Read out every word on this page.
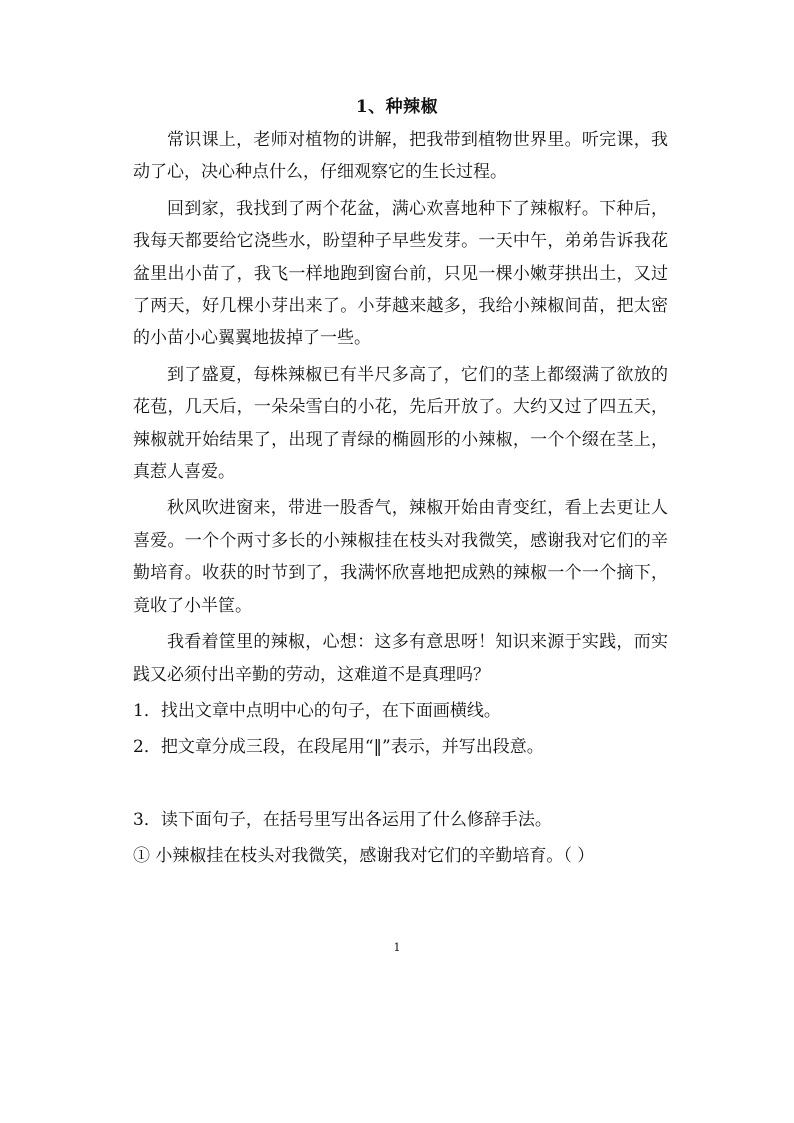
1、种辣椒

常识课上，老师对植物的讲解，把我带到植物世界里。听完课，我动了心，决心种点什么，仔细观察它的生长过程。

回到家，我找到了两个花盆，满心欢喜地种下了辣椒籽。下种后，我每天都要给它浇些水，盼望种子早些发芽。一天中午，弟弟告诉我花盆里出小苗了，我飞一样地跑到窗台前，只见一棵小嫩芽拱出土，又过了两天，好几棵小芽出来了。小芽越来越多，我给小辣椒间苗，把太密的小苗小心翼翼地拔掉了一些。

到了盛夏，每株辣椒已有半尺多高了，它们的茎上都缀满了欲放的花苞，几天后，一朵朵雪白的小花，先后开放了。大约又过了四五天，辣椒就开始结果了，出现了青绿的椭圆形的小辣椒，一个个缀在茎上，真惹人喜爱。

秋风吹进窗来，带进一股香气，辣椒开始由青变红，看上去更让人喜爱。一个个两寸多长的小辣椒挂在枝头对我微笑，感谢我对它们的辛勤培育。收获的时节到了，我满怀欣喜地把成熟的辣椒一个一个摘下，竟收了小半筐。

我看着筐里的辣椒，心想：这多有意思呀！知识来源于实践，而实践又必须付出辛勤的劳动，这难道不是真理吗？

1．找出文章中点明中心的句子，在下面画横线。

2．把文章分成三段，在段尾用“‖”表示，并写出段意。

3．读下面句子，在括号里写出各运用了什么修辞手法。

① 小辣椒挂在枝头对我微笑，感谢我对它们的辛勤培育。（ ）

1
